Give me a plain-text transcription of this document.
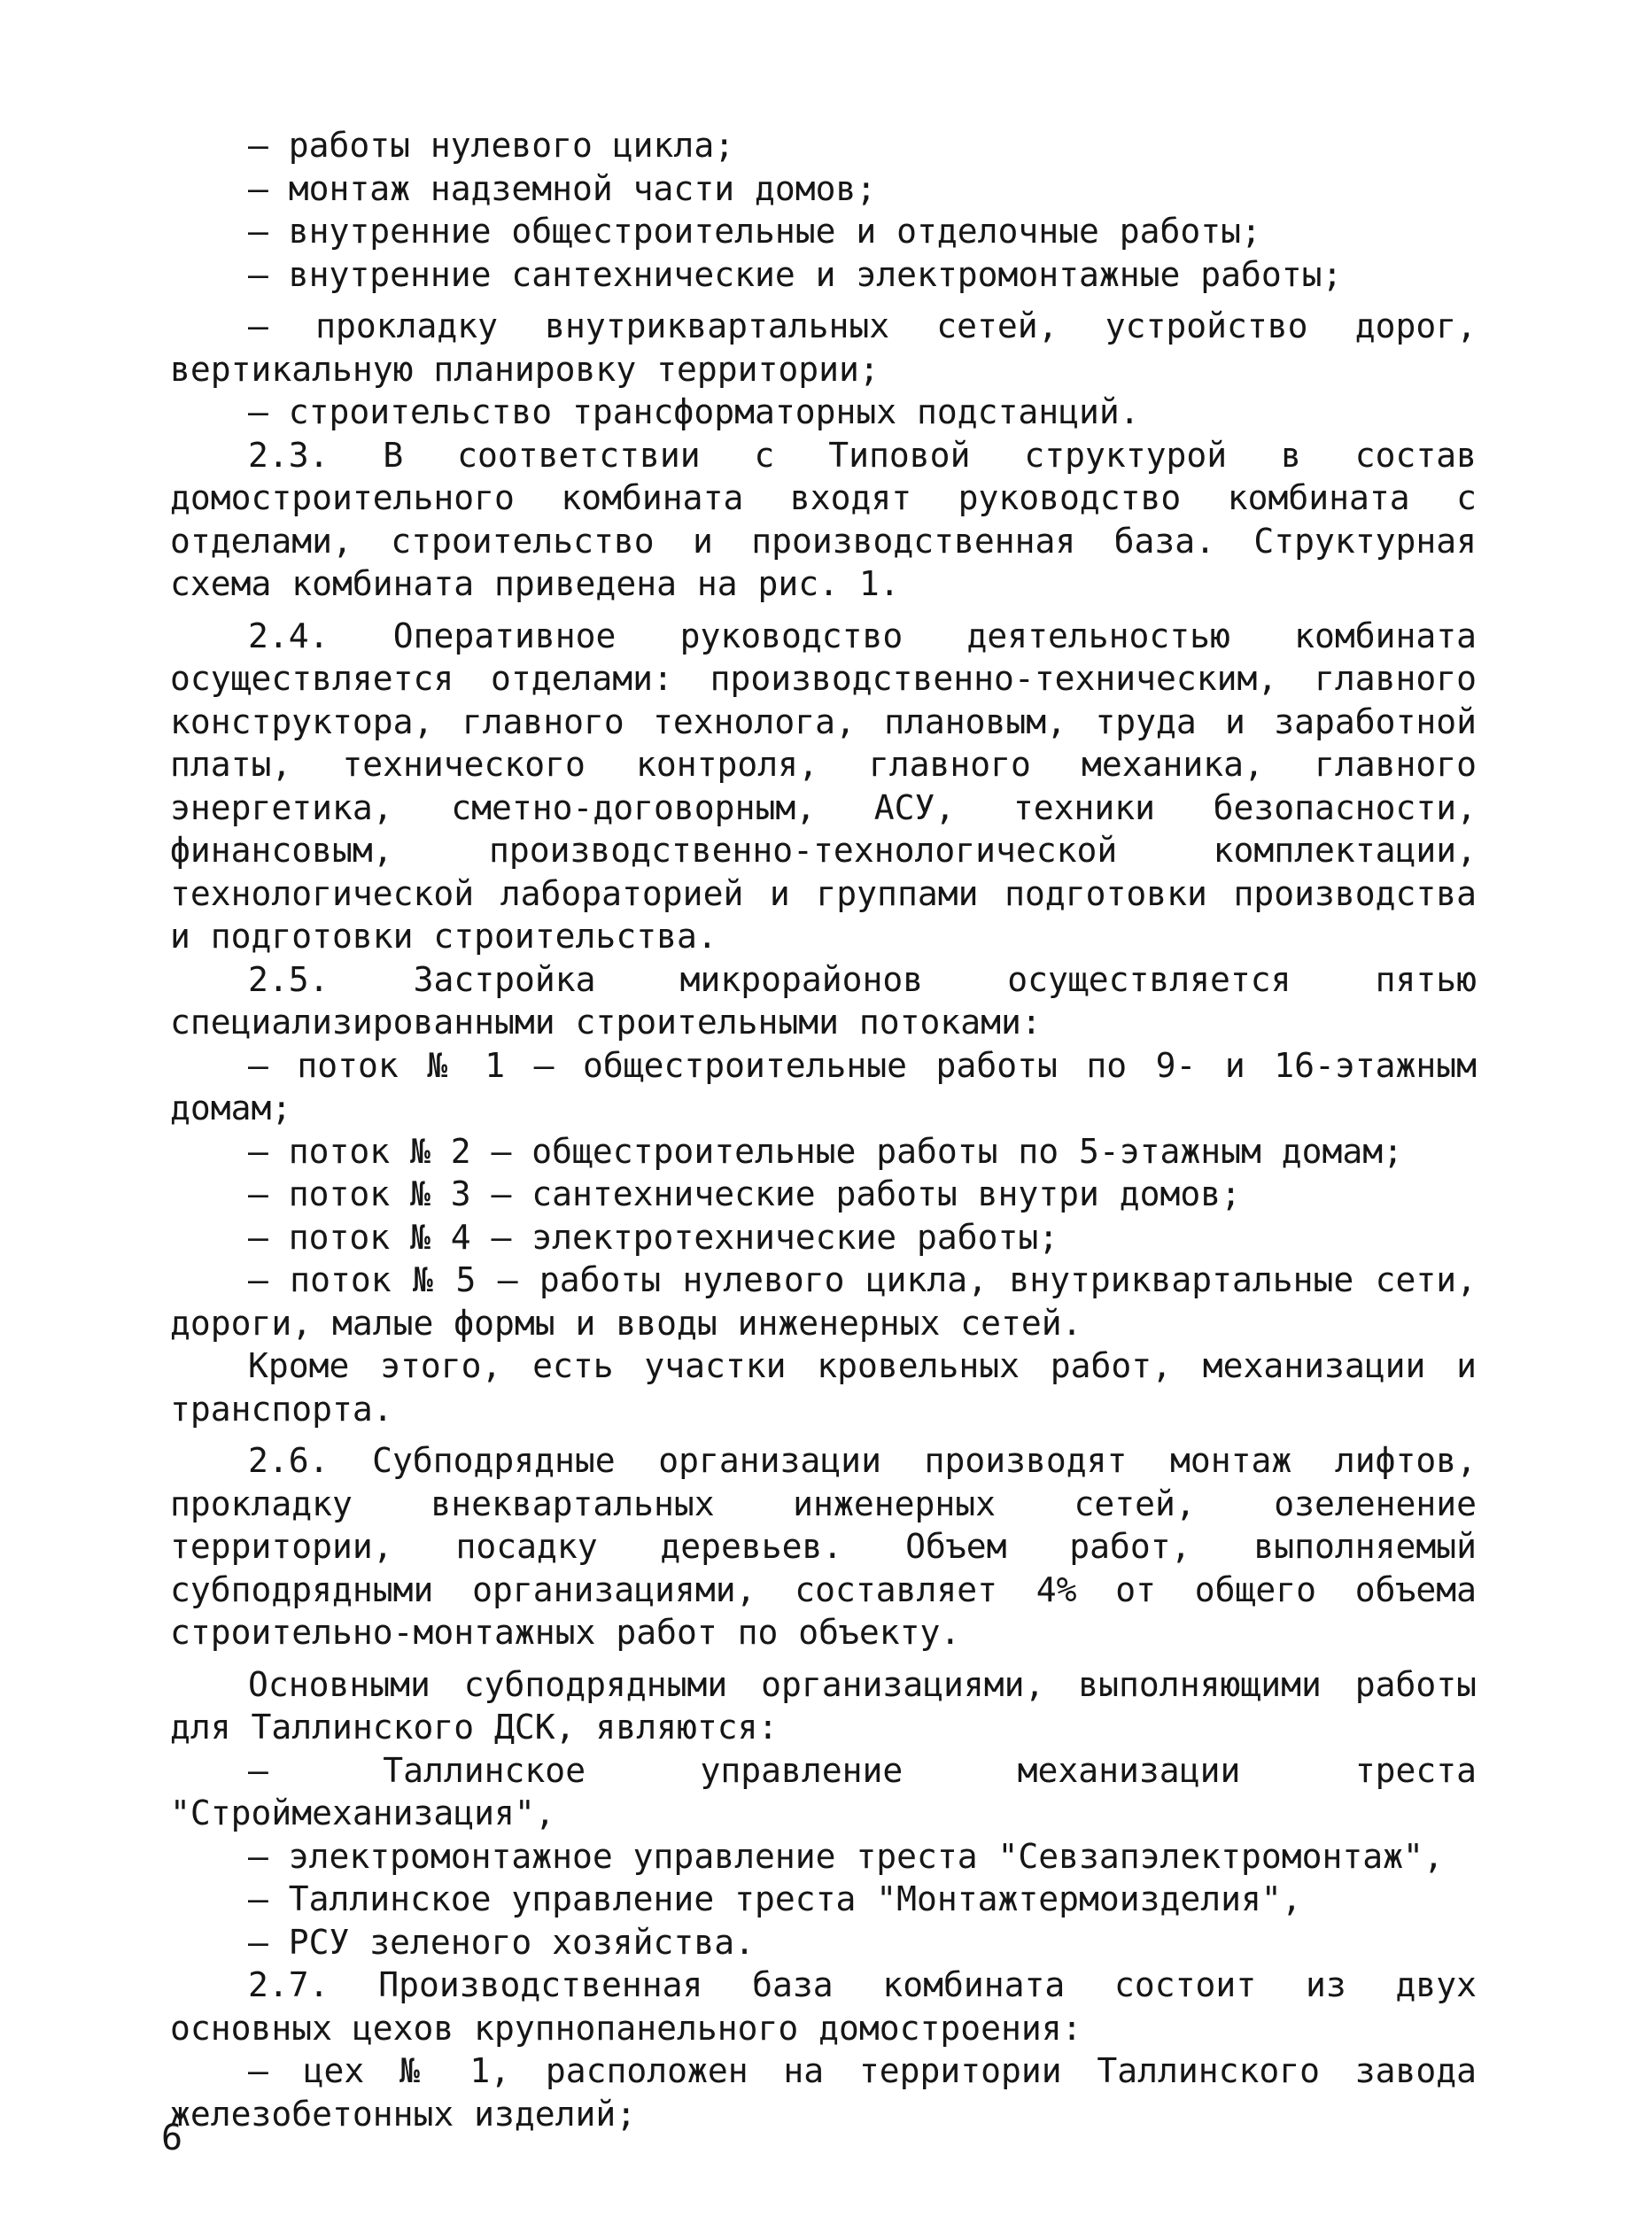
– работы нулевого цикла;

– монтаж надземной части домов;

– внутренние общестроительные и отделочные работы;

– внутренние сантехнические и электромонтажные работы;

– прокладку внутриквартальных сетей, устройство дорог, вертикальную планировку территории;

– строительство трансформаторных подстанций.

2.3. В соответствии с Типовой структурой в состав домостроительного комбината входят руководство комбината с отделами, строительство и производственная база. Структурная схема комбината приведена на рис. 1.

2.4. Оперативное руководство деятельностью комбината осуществляется отделами: производственно-техническим, главного конструктора, главного технолога, плановым, труда и заработной платы, технического контроля, главного механика, главного энергетика, сметно-договорным, АСУ, техники безопасности, финансовым, производственно-технологической комплектации, технологической лабораторией и группами подготовки производства и подготовки строительства.

2.5. Застройка микрорайонов осуществляется пятью специализированными строительными потоками:

– поток № 1 – общестроительные работы по 9- и 16-этажным домам;

– поток № 2 – общестроительные работы по 5-этажным домам;

– поток № 3 – сантехнические работы внутри домов;

– поток № 4 – электротехнические работы;

– поток № 5 – работы нулевого цикла, внутриквартальные сети, дороги, малые формы и вводы инженерных сетей.

Кроме этого, есть участки кровельных работ, механизации и транспорта.

2.6. Субподрядные организации производят монтаж лифтов, прокладку внеквартальных инженерных сетей, озеленение территории, посадку деревьев. Объем работ, выполняемый субподрядными организациями, составляет 4% от общего объема строительно-монтажных работ по объекту.

Основными субподрядными организациями, выполняющими работы для Таллинского ДСК, являются:

– Таллинское управление механизации треста "Строймеханизация",

– электромонтажное управление треста "Севзапэлектромонтаж",

– Таллинское управление треста "Монтажтермоизделия",

– РСУ зеленого хозяйства.

2.7. Производственная база комбината состоит из двух основных цехов крупнопанельного домостроения:

– цех № 1, расположен на территории Таллинского завода железобетонных изделий;

6
